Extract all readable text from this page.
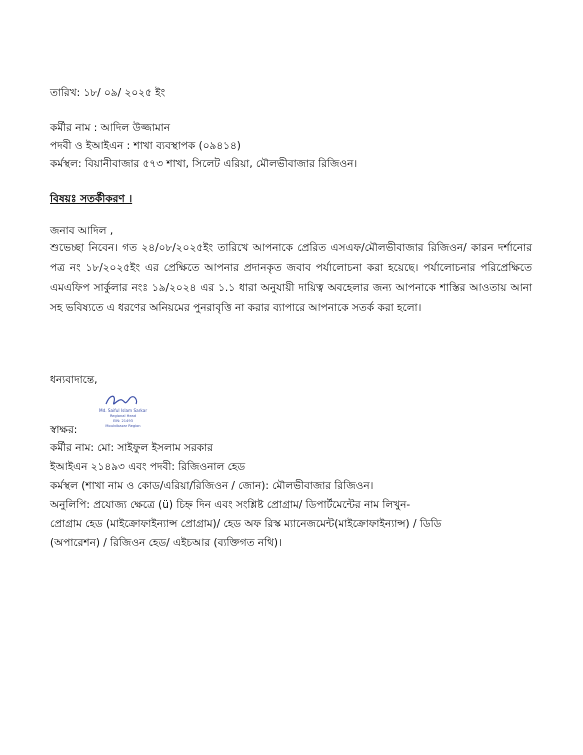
তারিখ: ১৮/ ০৯/ ২০২৫ ইং
কর্মীর নাম : আদিল উজ্জামান
পদবী ও ইআইএন : শাখা ব্যবস্থাপক (০৯৪১৪)
কর্মস্থল: বিয়ানীবাজার ৫৭৩ শাখা, সিলেট এরিয়া, মৌলভীবাজার রিজিওন।
বিষয়ঃ সতর্কীকরণ ।
জনাব আদিল ,
শুভেচ্ছা নিবেন। গত ২৪/০৮/২০২৫ইং তারিখে আপনাকে প্রেরিত এসএফ/মৌলভীবাজার রিজিওন/ কারন দর্শানোর পত্র নং ১৮/২০২৫ইং এর প্রেক্ষিতে আপনার প্রদানকৃত জবাব পর্যালোচনা করা হয়েছে। পর্যালোচনার পরিপ্রেক্ষিতে এমএফিপ সার্কুলার নংঃ ১৯/২০২৪ এর ১.১ ধারা অনুযায়ী দায়িত্ব অবহেলার জন্য আপনাকে শাস্তির আওতায় আনা সহ ভবিষ্যতে এ ধরণের অনিয়মের পুনরাবৃত্তি না করার ব্যাপারে আপনাকে সতর্ক করা হলো।
ধন্যবাদান্তে,
Md. Saiful Islam Sarkar
Regional Head
EIN: 21493
Moulvibazar Region
স্বাক্ষর:
কর্মীর নাম: মো: সাইফুল ইসলাম সরকার
ইআইএন ২১৪৯৩ এবং পদবী: রিজিওনাল হেড
কর্মস্থল (শাখা নাম ও কোড/এরিয়া/রিজিওন / জোন): মৌলভীবাজার রিজিওন।
অনুলিপি: প্রযোজ্য ক্ষেত্রে (ü) চিহ্ন দিন এবং সংশ্লিষ্ট প্রোগ্রাম/ ডিপার্টমেন্টের নাম লিখুন-
প্রোগ্রাম হেড (মাইক্রোফাইন্যান্স প্রোগ্রাম)/ হেড অফ রিস্ক ম্যানেজমেন্ট(মাইক্রোফাইন্যান্স) / ডিডি
(অপারেশন) / রিজিওন হেড/ এইচআর (ব্যক্তিগত নথি)।
